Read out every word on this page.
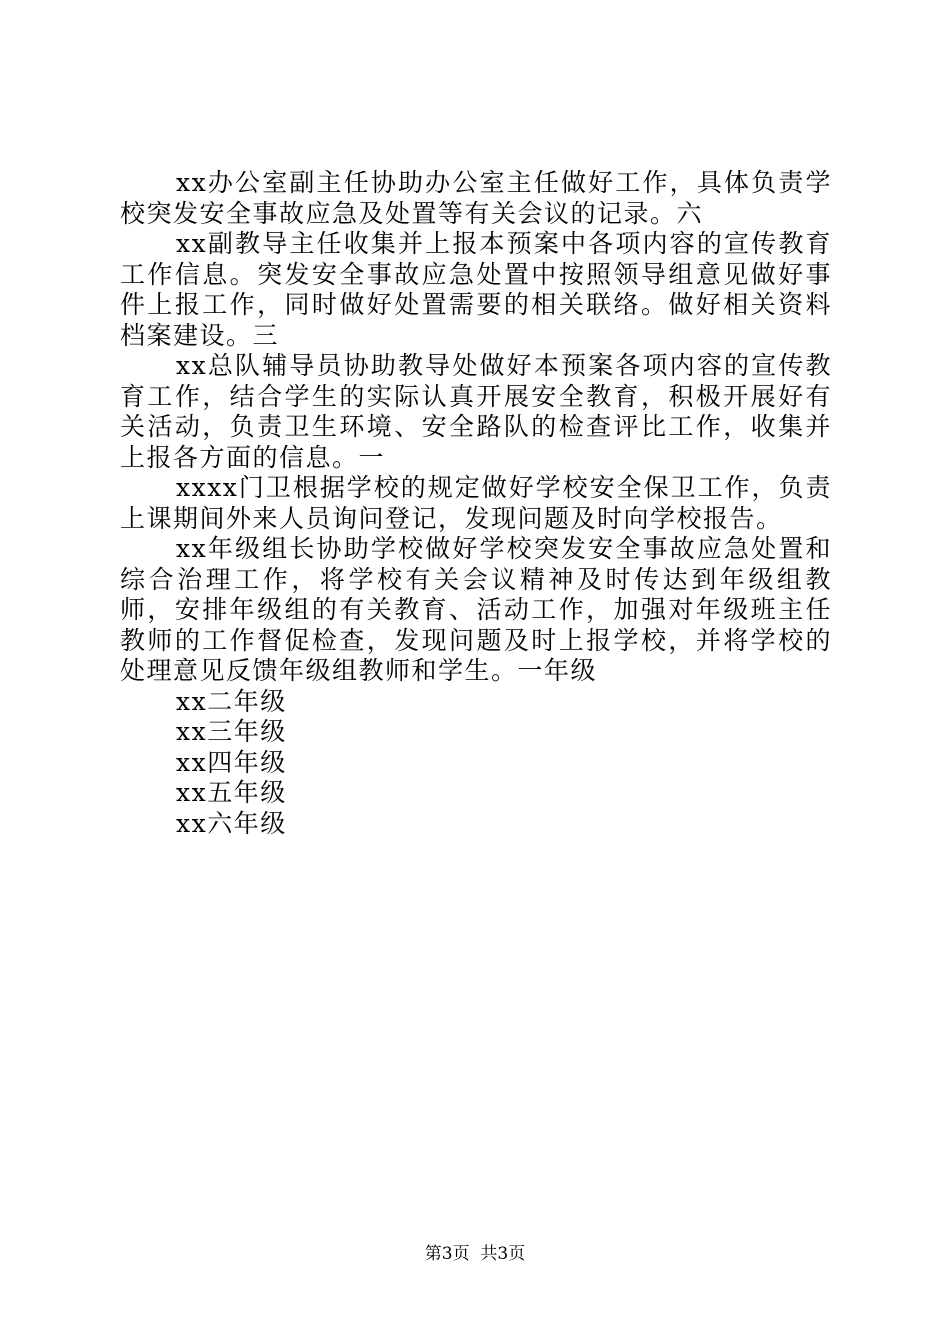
xx办公室副主任协助办公室主任做好工作，具体负责学校突发安全事故应急及处置等有关会议的记录。六

xx副教导主任收集并上报本预案中各项内容的宣传教育工作信息。突发安全事故应急处置中按照领导组意见做好事件上报工作，同时做好处置需要的相关联络。做好相关资料档案建设。三

xx总队辅导员协助教导处做好本预案各项内容的宣传教育工作，结合学生的实际认真开展安全教育，积极开展好有关活动，负责卫生环境、安全路队的检查评比工作，收集并上报各方面的信息。一

xxxx门卫根据学校的规定做好学校安全保卫工作，负责上课期间外来人员询问登记，发现问题及时向学校报告。

xx年级组长协助学校做好学校突发安全事故应急处置和综合治理工作，将学校有关会议精神及时传达到年级组教师，安排年级组的有关教育、活动工作，加强对年级班主任教师的工作督促检查，发现问题及时上报学校，并将学校的处理意见反馈年级组教师和学生。一年级

xx二年级

xx三年级

xx四年级

xx五年级

xx六年级

第3页  共3页
